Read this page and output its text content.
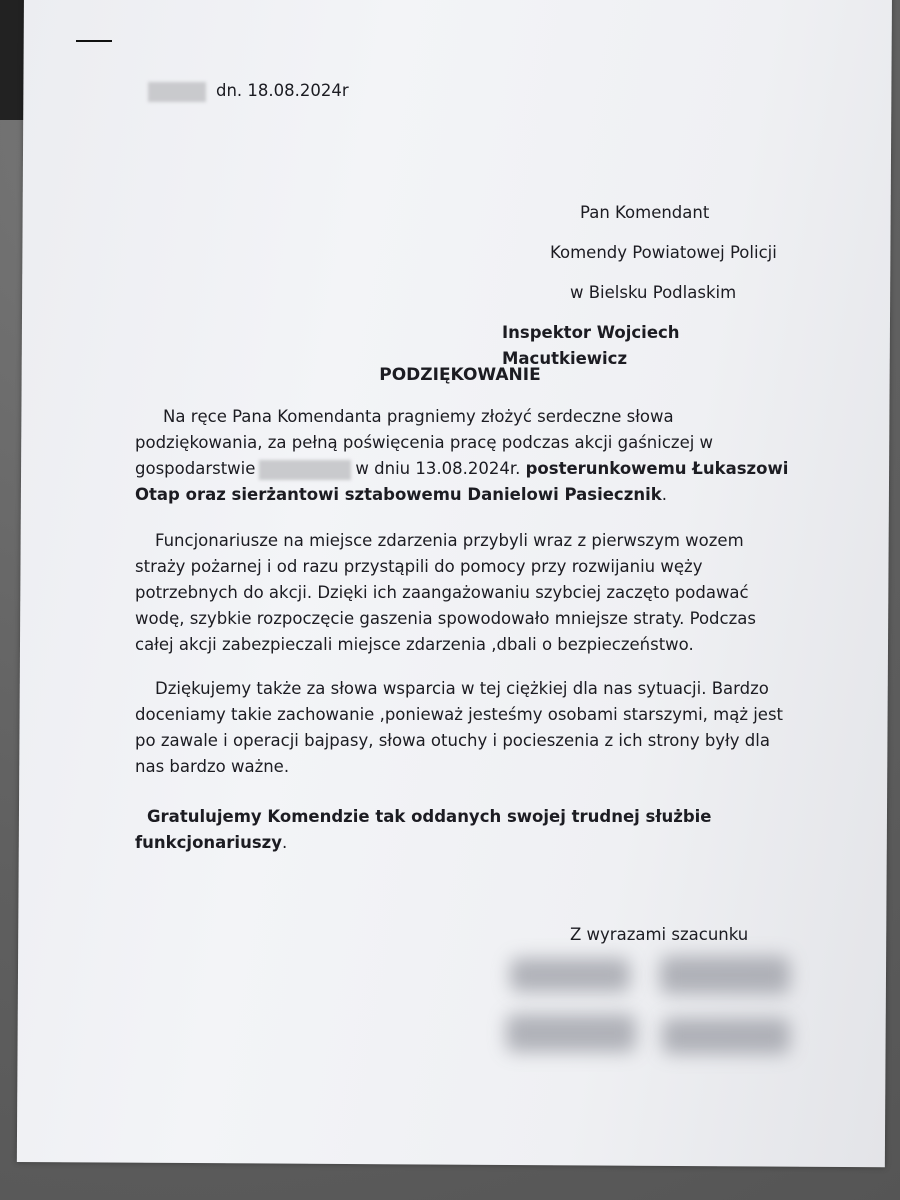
dn. 18.08.2024r
Pan Komendant
Komendy Powiatowej Policji
w Bielsku Podlaskim
Inspektor Wojciech Macutkiewicz
PODZIĘKOWANIE
Na ręce Pana Komendanta pragniemy złożyć serdeczne słowa
podziękowania, za pełną poświęcenia pracę podczas akcji gaśniczej w
gospodarstwie	w dniu 13.08.2024r. posterunkowemu Łukaszowi
Otap oraz sierżantowi sztabowemu Danielowi Pasiecznik.
Funcjonariusze na miejsce zdarzenia przybyli wraz z pierwszym wozem
straży pożarnej i od razu przystąpili do pomocy przy rozwijaniu węży
potrzebnych do akcji. Dzięki ich zaangażowaniu szybciej zaczęto podawać
wodę, szybkie rozpoczęcie gaszenia spowodowało mniejsze straty. Podczas
całej akcji zabezpieczali miejsce zdarzenia ,dbali o bezpieczeństwo.
Dziękujemy także za słowa wsparcia w tej ciężkiej dla nas sytuacji. Bardzo
doceniamy takie zachowanie ,ponieważ jesteśmy osobami starszymi, mąż jest
po zawale i operacji bajpasy, słowa otuchy i pocieszenia z ich strony były dla
nas bardzo ważne.
Gratulujemy Komendzie tak oddanych swojej trudnej służbie
funkcjonariuszy.
Z wyrazami szacunku
